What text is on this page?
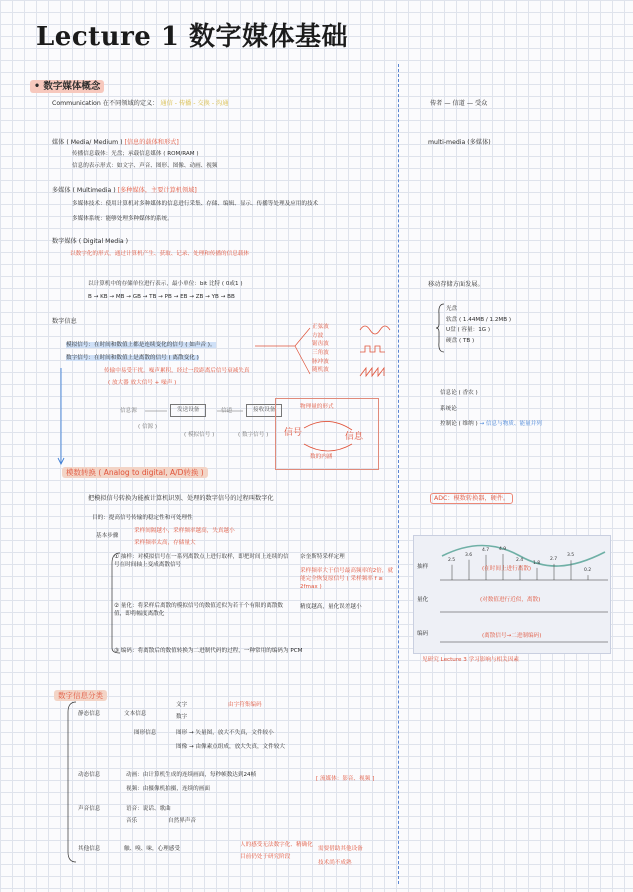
Lecture 1 数字媒体基础
• 数字媒体概念
Communication 在不同领域的定义： 通信 - 传播 - 交换 - 沟通	传者 — 信道 — 受众
媒体 ( Media/ Medium ) [信息的载体和形式]
传播信息载体：光盘；承载信息媒体 ( ROM/RAM )
信息的表示形式：如文字、声音、图形、图像、动画、视频
multi-media (多媒体)
多媒体 ( Multimedia ) [多种媒体，主要计算机领域]
多媒体技术：使用计算机对多种媒体的信息进行采集、存储、编辑、显示、传播等处理及应用的技术
多媒体系统：能够处理多种媒体的系统。
数字媒体 ( Digital Media )
以数字化的形式，通过计算机产生、获取、记录、处理和传播的信息载体
以计算机中的存储单位进行表示，最小单位：bit 比特 ( 0或1 )
B → KB → MB → GB → TB → PB → EB → ZB → YB → BB
移动存储方面发展。
光盘
软盘 ( 1.44MB / 1.2MB )
U盘 ( 容量：1G )
硬盘 ( TB )
数字信息
模拟信号：在时间和数值上都是连续变化的信号 ( 如声音 )。
数字信号：在时间和数值上是离散的信号 ( 离散变化 )
传输中易受干扰，噪声累积，经过一段距离后信号衰减失真
( 放大器 放大信号 + 噪声 )
正弦波
方波
锯齿波
三角波
脉冲波
随机波
信息源	发送设备	信道	接收设备
( 信源 )
( 模拟信号 )	( 数字信号 )
物理量的形式
信号	信息
数的内涵
信息论 ( 香农 )
系统论
控制论 ( 维纳 ) → 信息与物质、能量并列
模数转换 ( Analog to digital, A/D转换 )
把模拟信号转换为能被计算机识别、处理的数字信号的过程叫数字化	ADC：模数转换器，硬件。
目的：提高信号传输的稳定性和可处理性
基本步骤
采样间隔越小，采样频率越高，失真越小
采样频率太高，存储量大
① 抽样：对模拟信号在一系列离散点上进行取样，即把时间上连续的信号在时间轴上变成离散信号
奈奎斯特采样定理
采样频率大于信号最高频率的2倍，就能完全恢复原信号 ( 采样频率 f ≥ 2fmax )
② 量化：将采样后离散的模拟信号的数值近似为若干个有限的离散数值，即将幅度离散化
精度越高，量化误差越小
③ 编码：将离散后的数值转换为二进制代码的过程，一种常用的编码为 PCM
抽样
量化
编码
(在时间上进行离散)
(对数值进行近似，离散)
(离散信号→二进制编码)
2.5
3.6
4.7 4.9
2.4
1.8
2.7
3.5
0.2
见研究 Lecture 3 学习影响与相关因素
数字信息分类
静态信息	文本信息
文字
数字
由字符集编码
图形信息	图形 → 矢量图，放大不失真，文件较小
图像 → 由像素点组成，放大失真，文件较大
动态信息	动画：由计算机生成的连续画面，每秒帧数达到24帧
视频：由摄像机拍摄，连续的画面
[ 流媒体：影音、视频 ]
声音信息	语音：说话、歌曲
音乐	自然界声音
其他信息	触、嗅、味，心理感受
人的感受无法数字化、精确化
目前仍处于研究阶段
需要借助其他设备
技术尚不成熟
